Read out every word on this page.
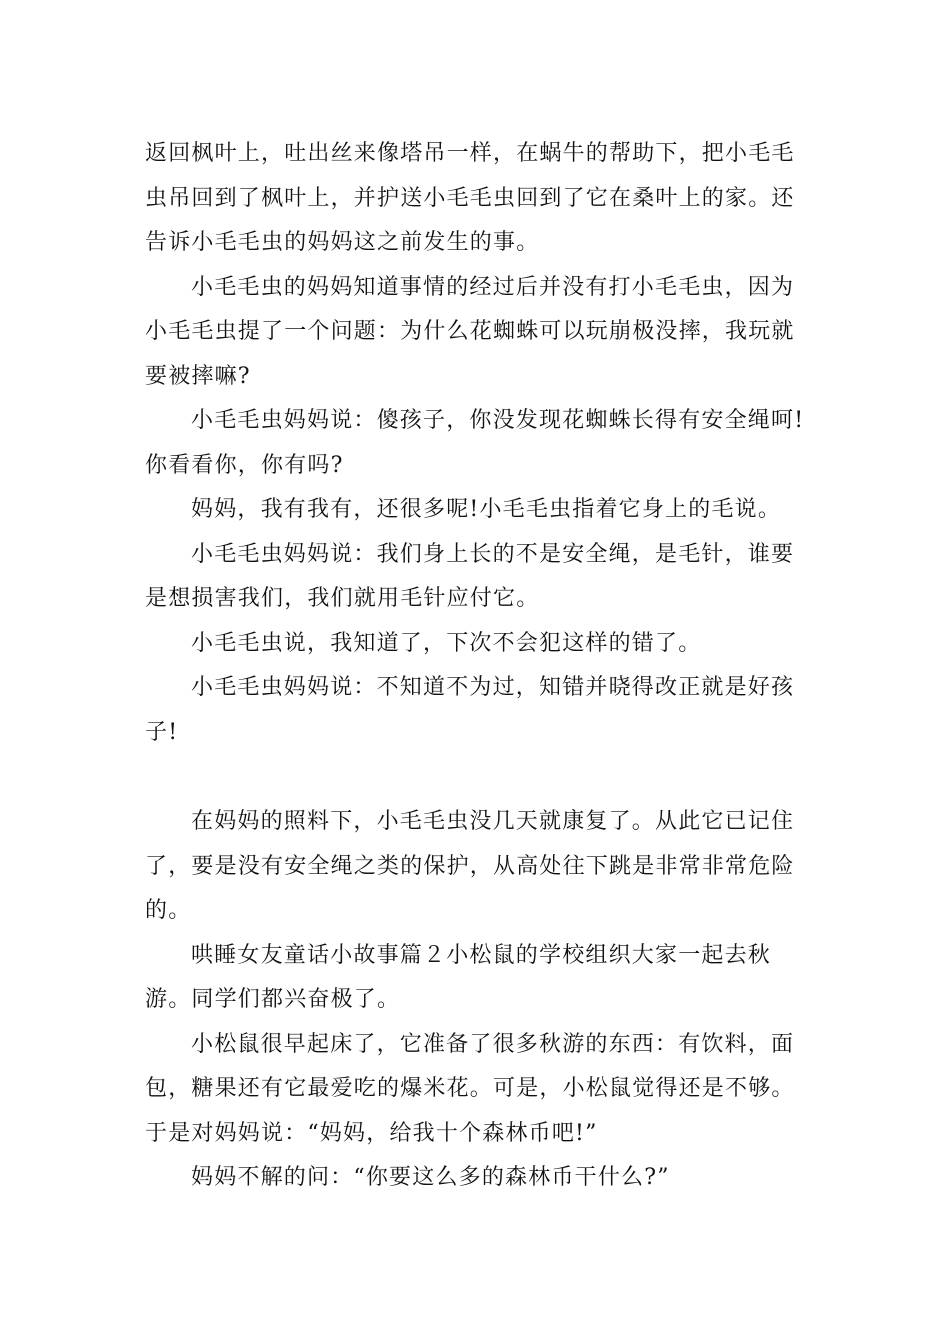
返回枫叶上，吐出丝来像塔吊一样，在蜗牛的帮助下，把小毛毛虫吊回到了枫叶上，并护送小毛毛虫回到了它在桑叶上的家。还告诉小毛毛虫的妈妈这之前发生的事。

小毛毛虫的妈妈知道事情的经过后并没有打小毛毛虫，因为小毛毛虫提了一个问题：为什么花蜘蛛可以玩崩极没摔，我玩就要被摔嘛?

小毛毛虫妈妈说：傻孩子，你没发现花蜘蛛长得有安全绳呵!你看看你，你有吗?

妈妈，我有我有，还很多呢!小毛毛虫指着它身上的毛说。

小毛毛虫妈妈说：我们身上长的不是安全绳，是毛针，谁要是想损害我们，我们就用毛针应付它。

小毛毛虫说，我知道了，下次不会犯这样的错了。

小毛毛虫妈妈说：不知道不为过，知错并晓得改正就是好孩子!

在妈妈的照料下，小毛毛虫没几天就康复了。从此它已记住了，要是没有安全绳之类的保护，从高处往下跳是非常非常危险的。

哄睡女友童话小故事篇２小松鼠的学校组织大家一起去秋游。同学们都兴奋极了。

小松鼠很早起床了，它准备了很多秋游的东西：有饮料，面包，糖果还有它最爱吃的爆米花。可是，小松鼠觉得还是不够。于是对妈妈说：“妈妈，给我十个森林币吧!”

妈妈不解的问：“你要这么多的森林币干什么?”
